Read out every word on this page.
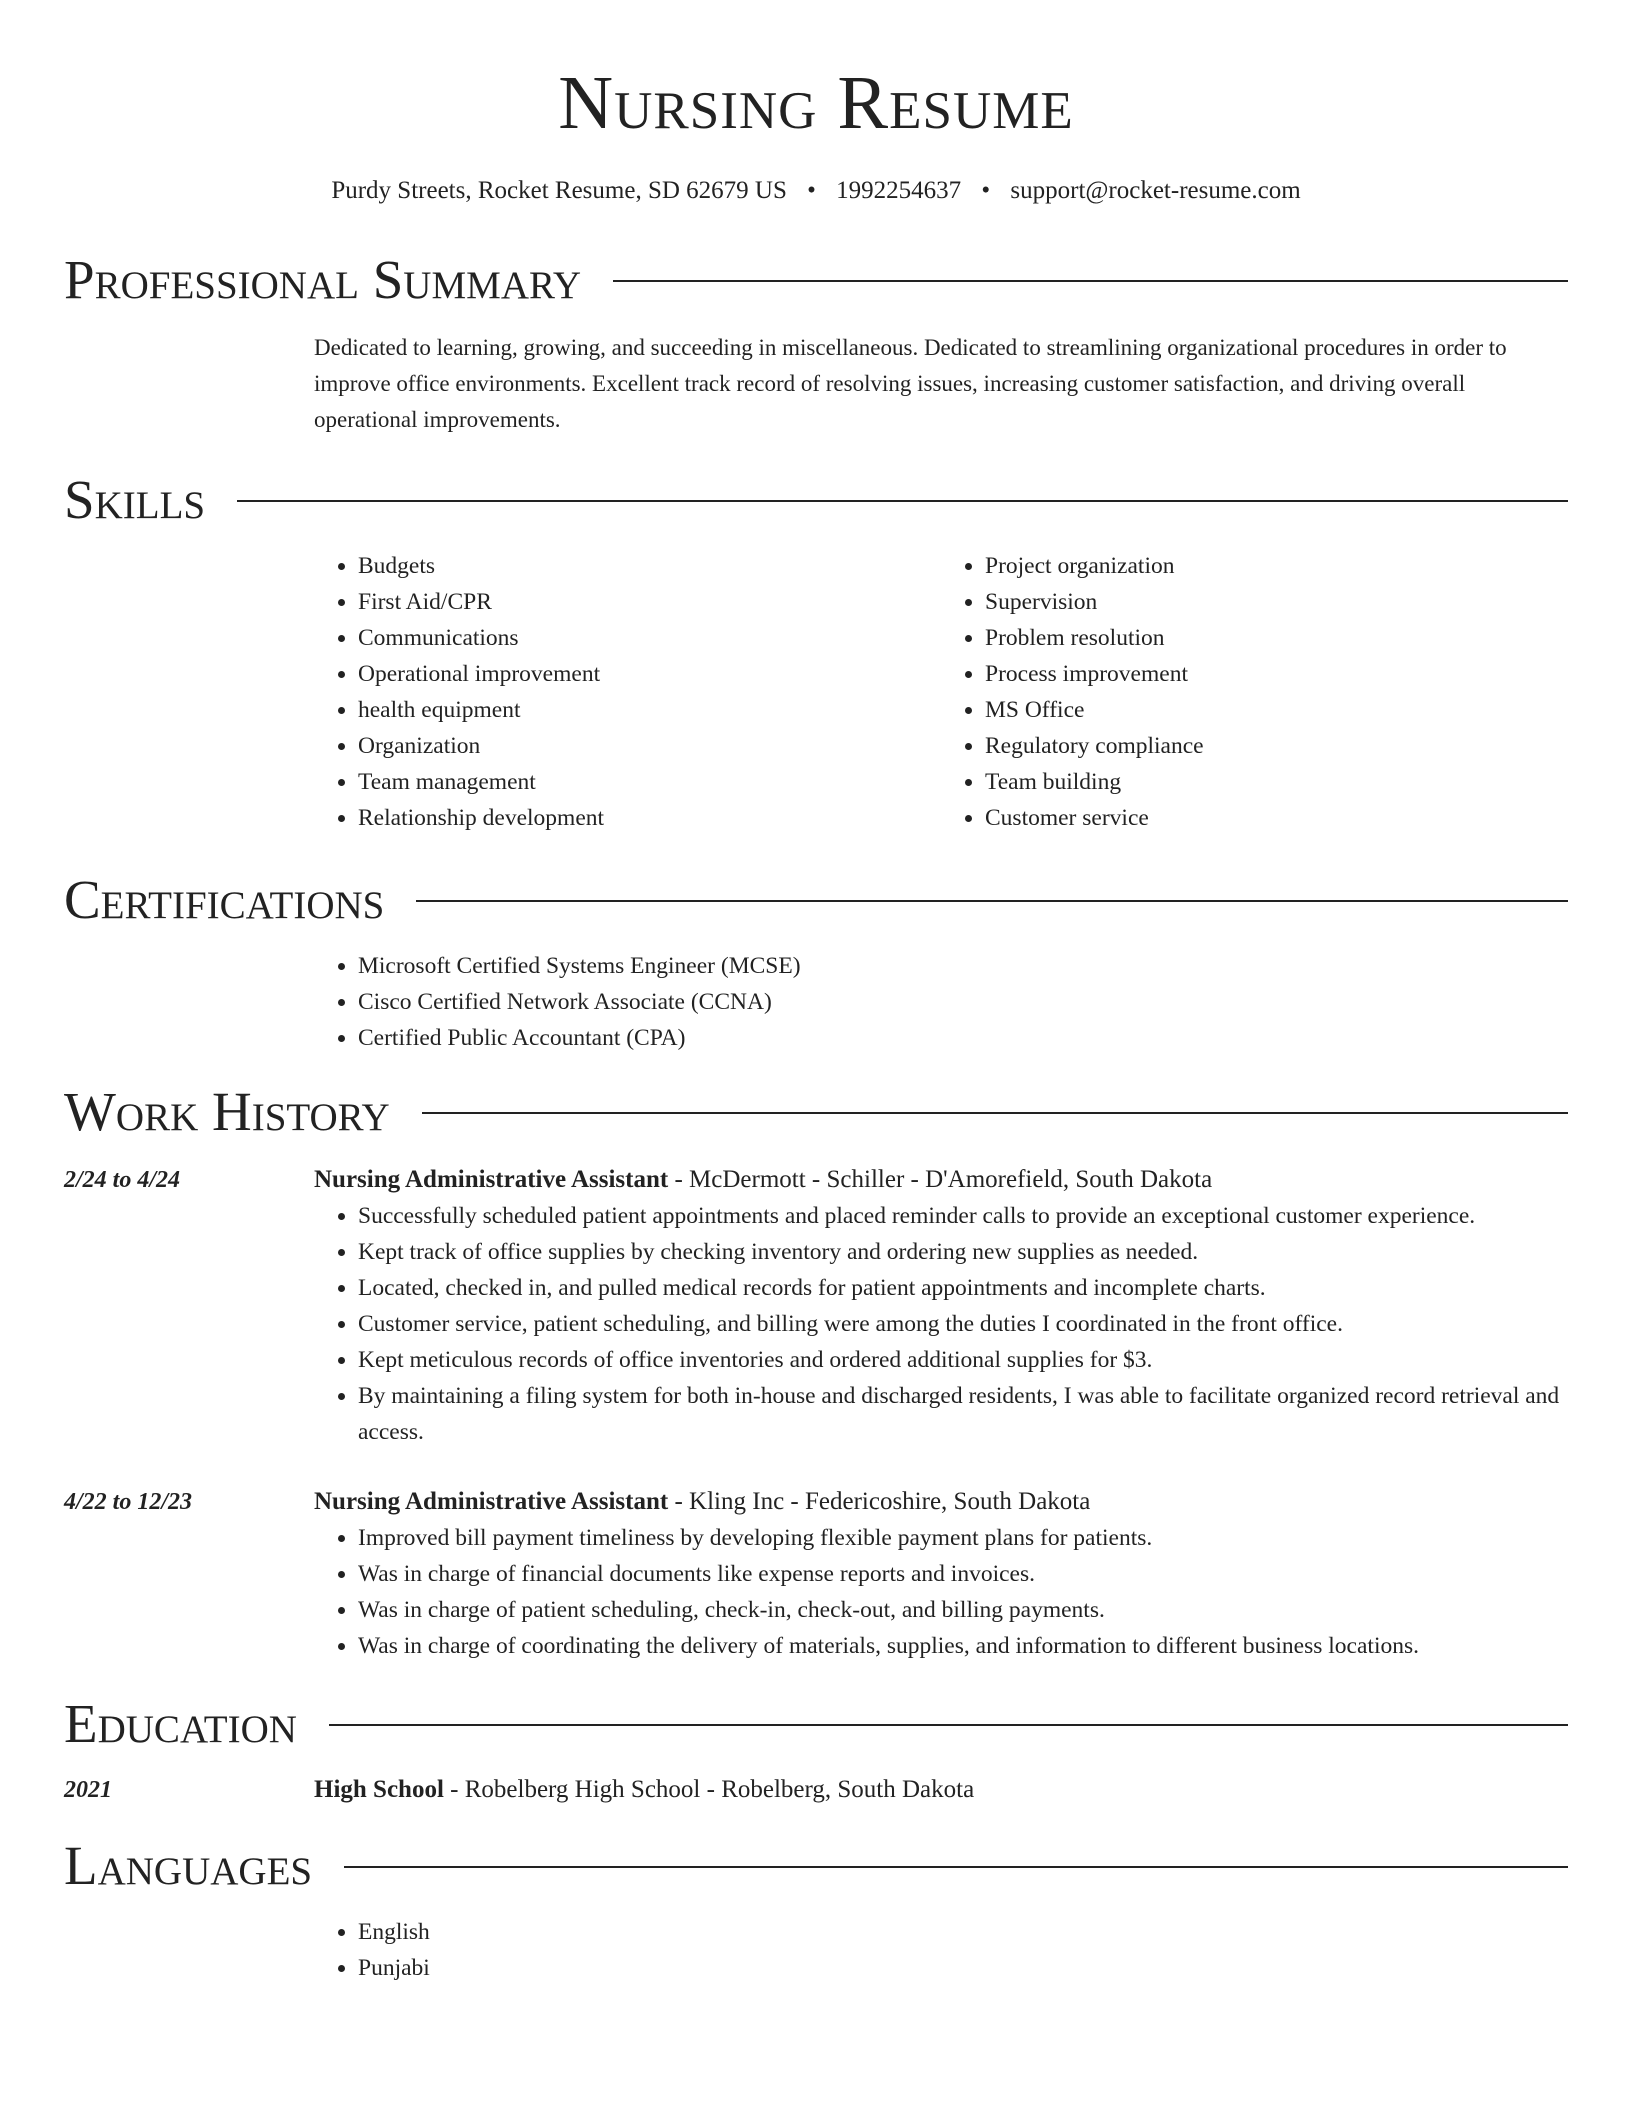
Nursing Resume
Purdy Streets, Rocket Resume, SD 62679 US • 1992254637 • support@rocket-resume.com
Professional Summary

Dedicated to learning, growing, and succeeding in miscellaneous. Dedicated to streamlining organizational procedures in order to improve office environments. Excellent track record of resolving issues, increasing customer satisfaction, and driving overall operational improvements.

Skills
• Budgets
• First Aid/CPR
• Communications
• Operational improvement
• health equipment
• Organization
• Team management
• Relationship development
• Project organization
• Supervision
• Problem resolution
• Process improvement
• MS Office
• Regulatory compliance
• Team building
• Customer service
Certifications
• Microsoft Certified Systems Engineer (MCSE)
• Cisco Certified Network Associate (CCNA)
• Certified Public Accountant (CPA)
Work History
2/24 to 4/24	Nursing Administrative Assistant - McDermott - Schiller - D'Amorefield, South Dakota
• Successfully scheduled patient appointments and placed reminder calls to provide an exceptional customer experience.
• Kept track of office supplies by checking inventory and ordering new supplies as needed.
• Located, checked in, and pulled medical records for patient appointments and incomplete charts.
• Customer service, patient scheduling, and billing were among the duties I coordinated in the front office.
• Kept meticulous records of office inventories and ordered additional supplies for $3.
• By maintaining a filing system for both in-house and discharged residents, I was able to facilitate organized record retrieval and access.
4/22 to 12/23	Nursing Administrative Assistant - Kling Inc - Federicoshire, South Dakota
• Improved bill payment timeliness by developing flexible payment plans for patients.
• Was in charge of financial documents like expense reports and invoices.
• Was in charge of patient scheduling, check-in, check-out, and billing payments.
• Was in charge of coordinating the delivery of materials, supplies, and information to different business locations.
Education
2021	High School - Robelberg High School - Robelberg, South Dakota
Languages
• English
• Punjabi
